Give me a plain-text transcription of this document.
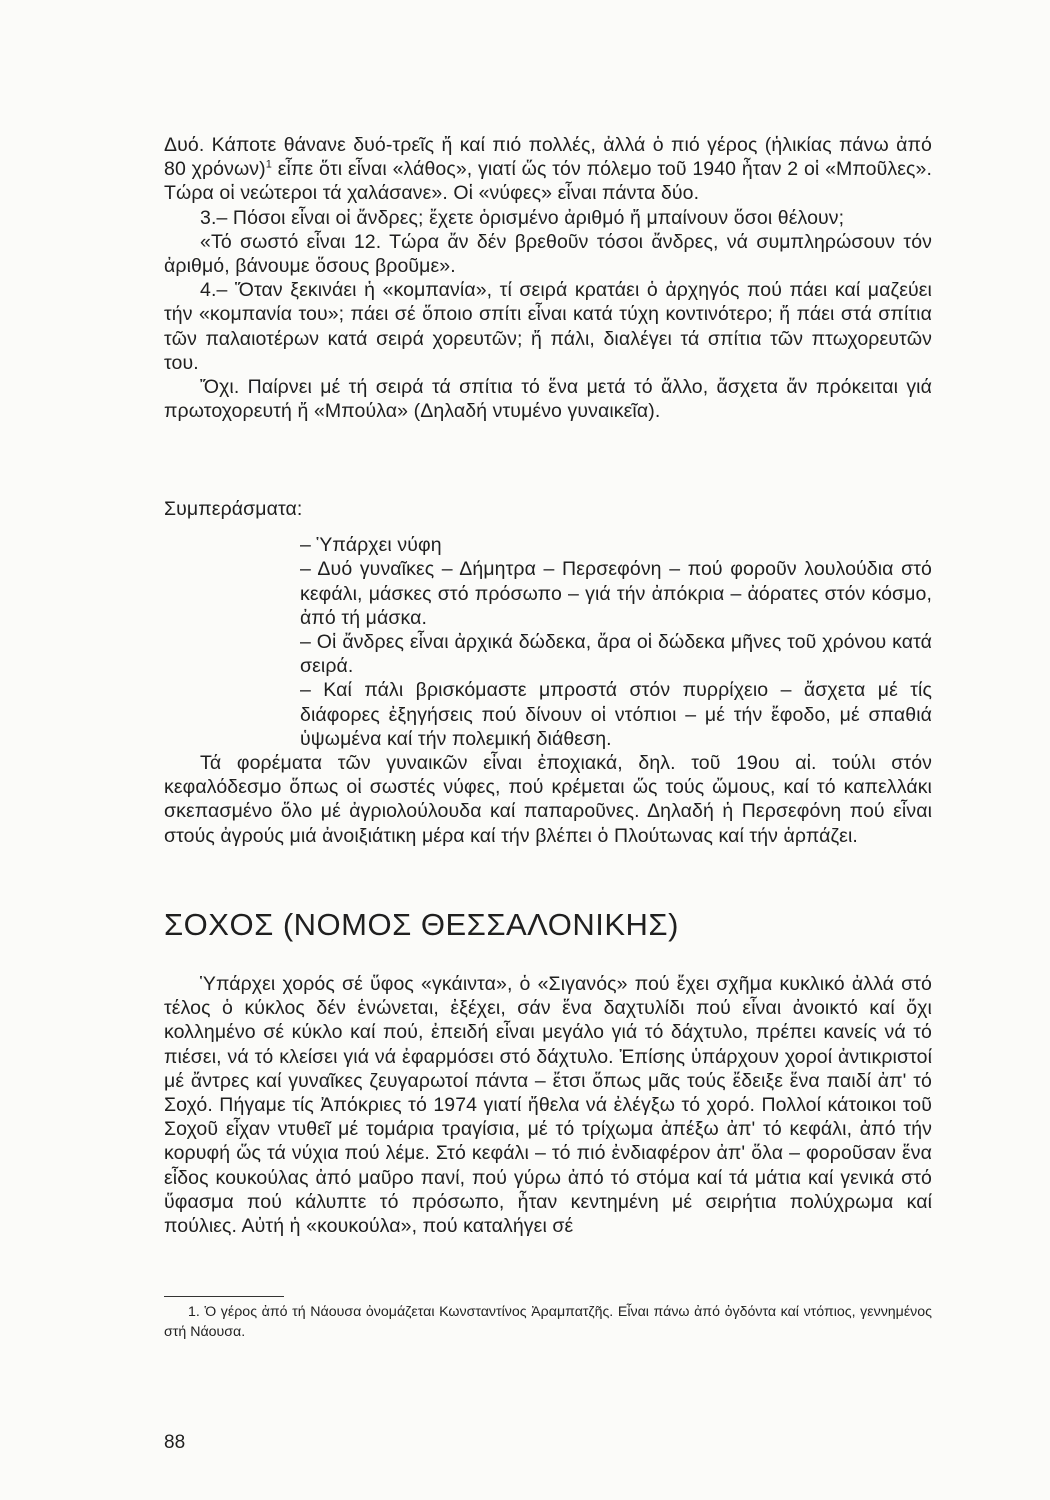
Δυό. Κάποτε θάνανε δυό-τρεῖς ἤ καί πιό πολλές, ἀλλά ὁ πιό γέρος (ἡλικίας πάνω ἀπό 80 χρόνων)$^1$ εἶπε ὅτι εἶναι «λάθος», γιατί ὥς τόν πόλεμο τοῦ 1940 ἦταν 2 οἱ «Μποῦλες». Τώρα οἱ νεώτεροι τά χαλάσανε». Οἱ «νύφες» εἶναι πάντα δύο.

3.– Πόσοι εἶναι οἱ ἄνδρες; ἔχετε ὁρισμένο ἀριθμό ἤ μπαίνουν ὅσοι θέλουν;

«Τό σωστό εἶναι 12. Τώρα ἄν δέν βρεθοῦν τόσοι ἄνδρες, νά συμπληρώσουν τόν ἀριθμό, βάνουμε ὅσους βροῦμε».

4.– Ὅταν ξεκινάει ἡ «κομπανία», τί σειρά κρατάει ὁ ἀρχηγός πού πάει καί μαζεύει τήν «κομπανία του»; πάει σέ ὅποιο σπίτι εἶναι κατά τύχη κοντινότερο; ἤ πάει στά σπίτια τῶν παλαιοτέρων κατά σειρά χορευτῶν; ἤ πάλι, διαλέγει τά σπίτια τῶν πτωχορευτῶν του.

Ὄχι. Παίρνει μέ τή σειρά τά σπίτια τό ἕνα μετά τό ἄλλο, ἄσχετα ἄν πρόκειται γιά πρωτοχορευτή ἤ «Μπούλα» (Δηλαδή ντυμένο γυναικεῖα).

Συμπεράσματα:

– Ὑπάρχει νύφη

– Δυό γυναῖκες – Δήμητρα – Περσεφόνη – πού φοροῦν λουλούδια στό κεφάλι, μάσκες στό πρόσωπο – γιά τήν ἀπόκρια – ἀόρατες στόν κόσμο, ἀπό τή μάσκα.

– Οἱ ἄνδρες εἶναι ἀρχικά δώδεκα, ἄρα οἱ δώδεκα μῆνες τοῦ χρόνου κατά σειρά.

– Καί πάλι βρισκόμαστε μπροστά στόν πυρρίχειο – ἄσχετα μέ τίς διάφορες ἐξηγήσεις πού δίνουν οἱ ντόπιοι – μέ τήν ἔφοδο, μέ σπαθιά ὑψωμένα καί τήν πολεμική διάθεση.

Τά φορέματα τῶν γυναικῶν εἶναι ἐποχιακά, δηλ. τοῦ 19ου αἰ. τούλι στόν κεφαλόδεσμο ὅπως οἱ σωστές νύφες, πού κρέμεται ὥς τούς ὤμους, καί τό καπελλάκι σκεπασμένο ὅλο μέ ἀγριολούλουδα καί παπαροῦνες. Δηλαδή ἡ Περσεφόνη πού εἶναι στούς ἀγρούς μιά ἀνοιξιάτικη μέρα καί τήν βλέπει ὁ Πλούτωνας καί τήν ἁρπάζει.

ΣΟΧΟΣ (ΝΟΜΟΣ ΘΕΣΣΑΛΟΝΙΚΗΣ)

Ὑπάρχει χορός σέ ὕφος «γκάιντα», ὁ «Σιγανός» πού ἔχει σχῆμα κυκλικό ἀλλά στό τέλος ὁ κύκλος δέν ἑνώνεται, ἐξέχει, σάν ἕνα δαχτυλίδι πού εἶναι ἀνοικτό καί ὄχι κολλημένο σέ κύκλο καί πού, ἐπειδή εἶναι μεγάλο γιά τό δάχτυλο, πρέπει κανείς νά τό πιέσει, νά τό κλείσει γιά νά ἐφαρμόσει στό δάχτυλο. Ἐπίσης ὑπάρχουν χοροί ἀντικριστοί μέ ἄντρες καί γυναῖκες ζευγαρωτοί πάντα – ἔτσι ὅπως μᾶς τούς ἔδειξε ἕνα παιδί ἀπ' τό Σοχό. Πήγαμε τίς Ἀπόκριες τό 1974 γιατί ἤθελα νά ἐλέγξω τό χορό. Πολλοί κάτοικοι τοῦ Σοχοῦ εἶχαν ντυθεῖ μέ τομάρια τραγίσια, μέ τό τρίχωμα ἀπέξω ἀπ' τό κεφάλι, ἀπό τήν κορυφή ὥς τά νύχια πού λέμε. Στό κεφάλι – τό πιό ἐνδιαφέρον ἀπ' ὅλα – φοροῦσαν ἕνα εἶδος κουκούλας ἀπό μαῦρο πανί, πού γύρω ἀπό τό στόμα καί τά μάτια καί γενικά στό ὕφασμα πού κάλυπτε τό πρόσωπο, ἦταν κεντημένη μέ σειρήτια πολύχρωμα καί πούλιες. Αὐτή ἡ «κουκούλα», πού καταλήγει σέ

1. Ὁ γέρος ἀπό τή Νάουσα ὀνομάζεται Κωνσταντίνος Ἀραμπατζῆς. Εἶναι πάνω ἀπό ὀγδόντα καί ντόπιος, γεννημένος στή Νάουσα.

88
